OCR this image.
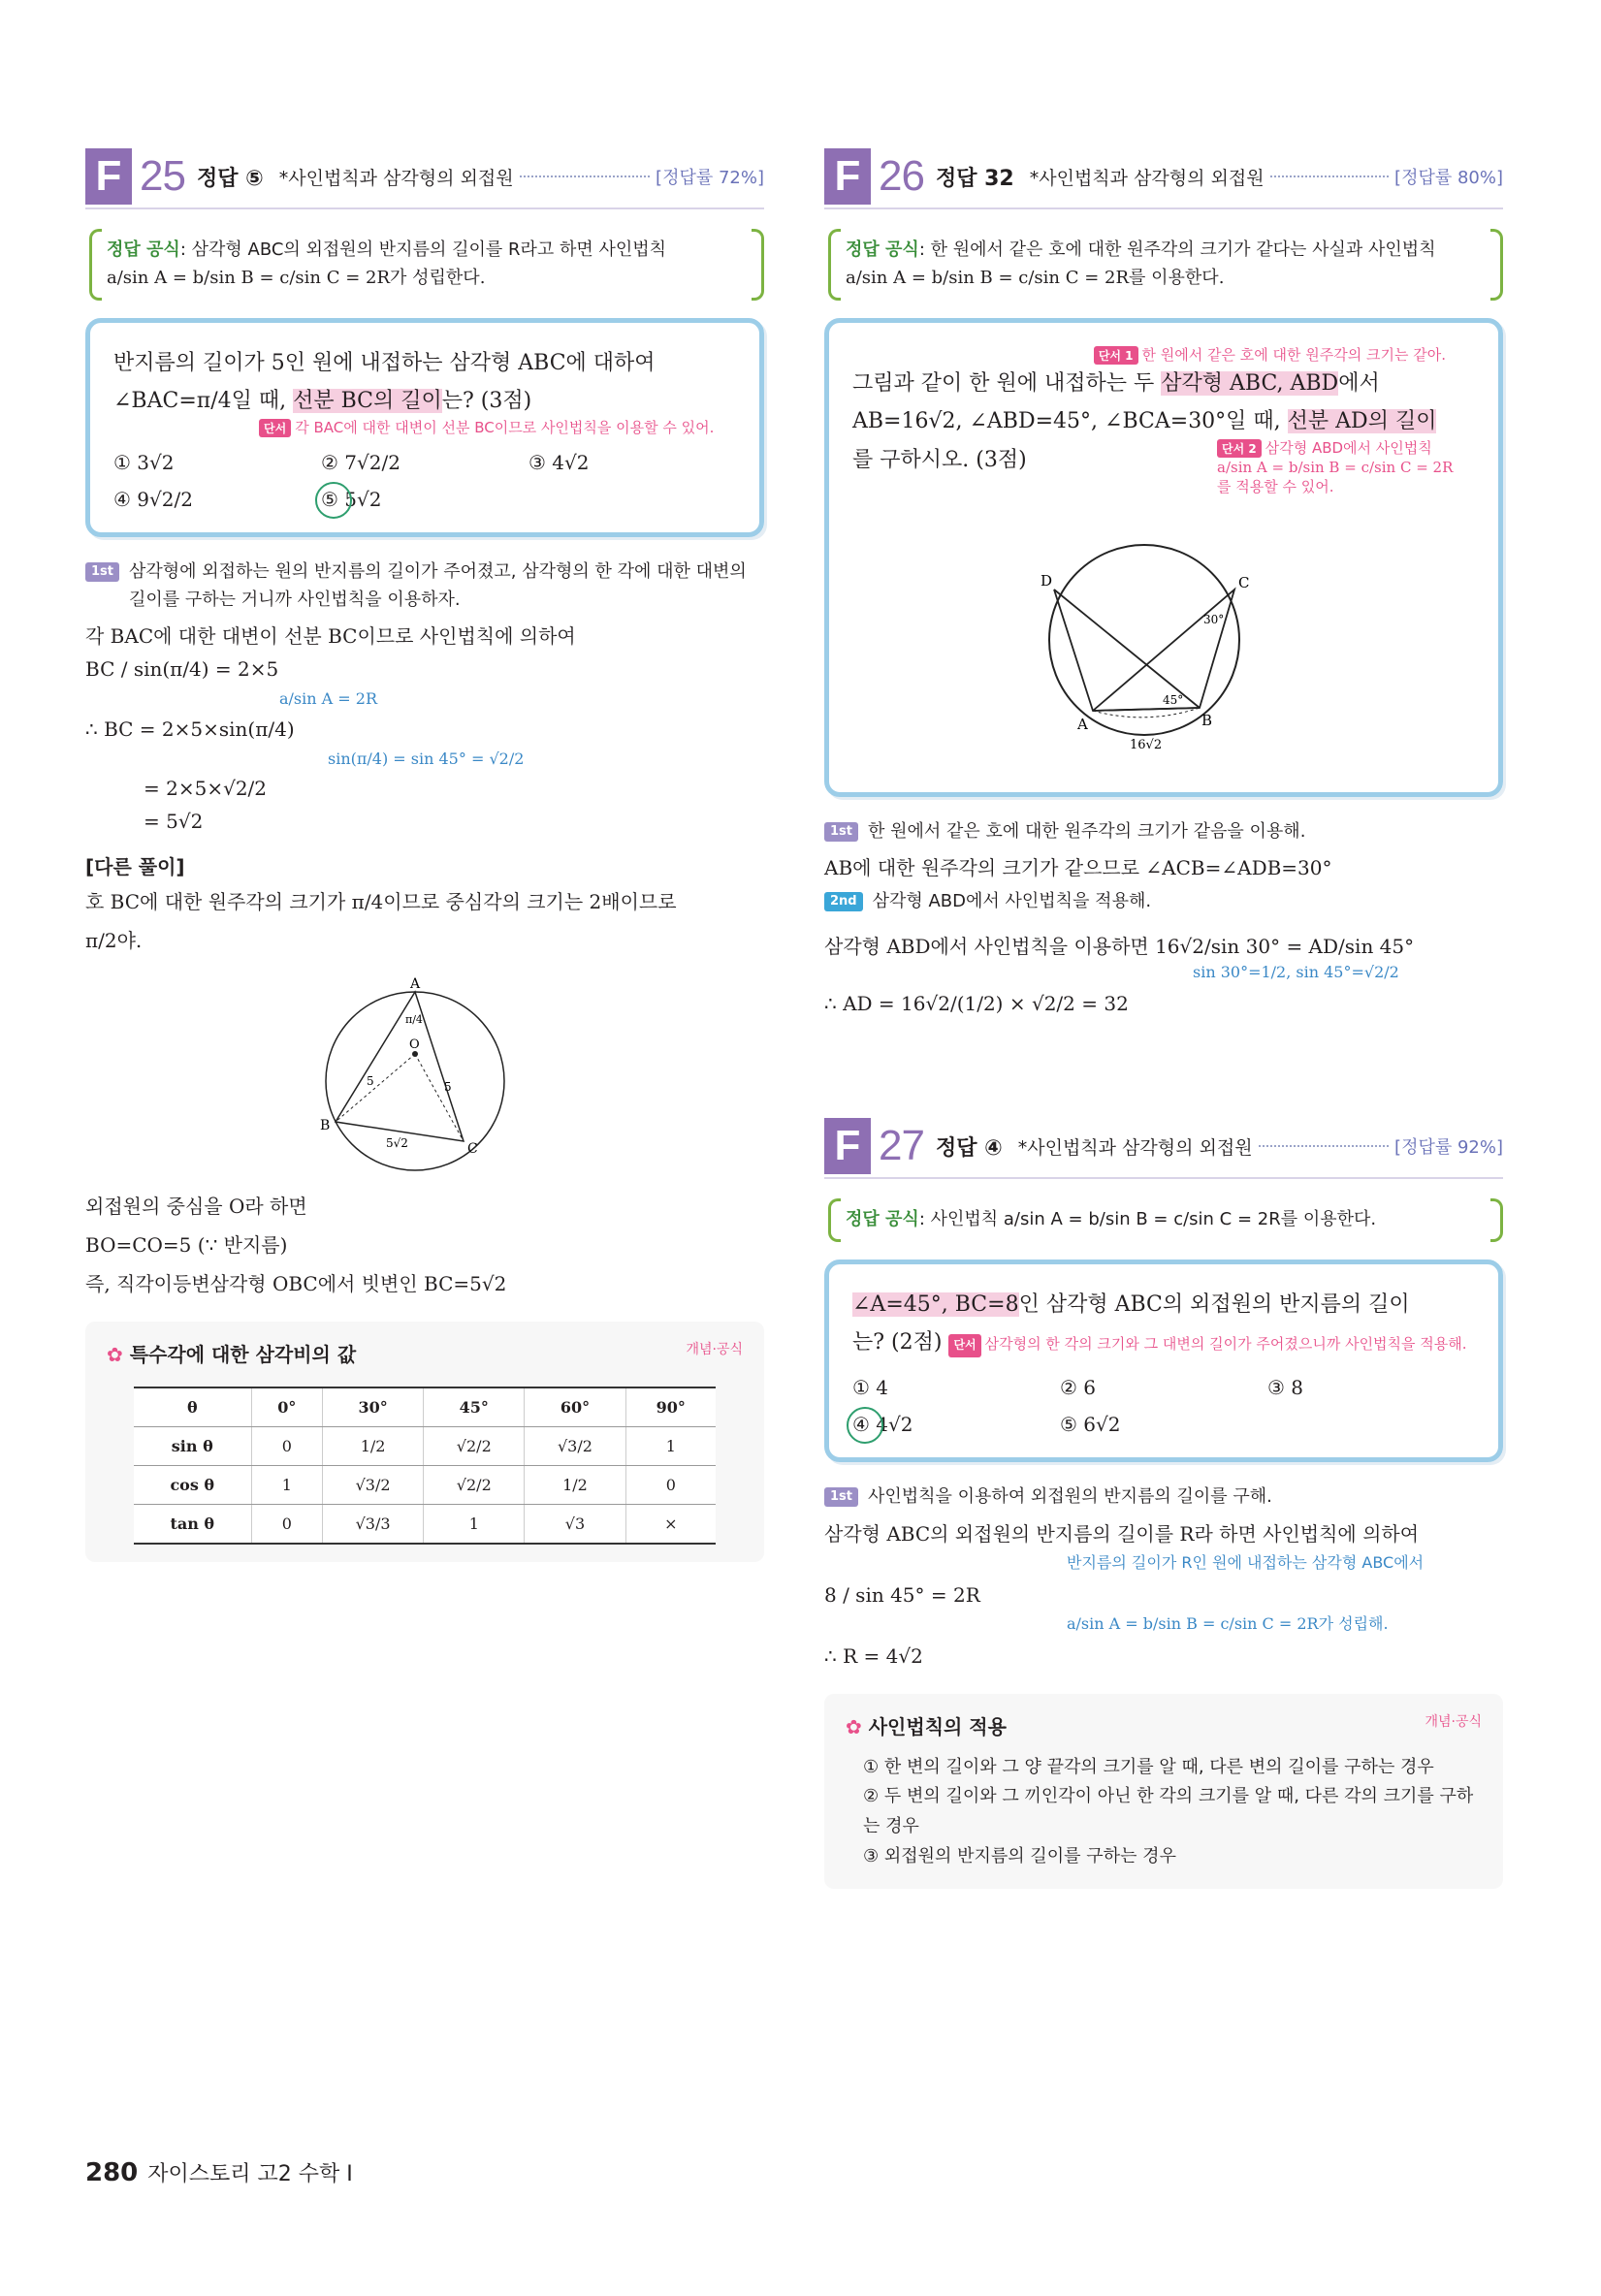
F 25 정답 ⑤ *사인법칙과 삼각형의 외접원	[정답률 72%]
정답 공식: 삼각형 ABC의 외접원의 반지름의 길이를 R라고 하면 사인법칙
a/sin A = b/sin B = c/sin C = 2R가 성립한다.
반지름의 길이가 5인 원에 내접하는 삼각형 ABC에 대하여
∠BAC=π/4일 때, 선분 BC의 길이는? (3점)
단서 각 BAC에 대한 대변이 선분 BC이므로 사인법칙을 이용할 수 있어.
① 3√2	② 7√2/2	③ 4√2
④ 9√2/2	⑤ 5√2
1st 삼각형에 외접하는 원의 반지름의 길이가 주어졌고, 삼각형의 한 각에 대한 대변의 길이를 구하는 거니까 사인법칙을 이용하자.
각 BAC에 대한 대변이 선분 BC이므로 사인법칙에 의하여
BC / sin(π/4) = 2×5
a/sin A = 2R
∴ BC = 2×5×sin(π/4)
sin(π/4) = sin 45° = √2/2
= 2×5×√2/2
= 5√2
[다른 풀이]
호 BC에 대한 원주각의 크기가 π/4이므로 중심각의 크기는 2배이므로
π/2야.
A
B
C
O
π/4
5	5
5√2
외접원의 중심을 O라 하면
BO=CO=5 (∵ 반지름)
즉, 직각이등변삼각형 OBC에서 빗변인 BC=5√2
✿ 특수각에 대한 삼각비의 값	개념·공식
θ	0°	30°	45°	60°	90°
sin θ	0	1/2	√2/2	√3/2	1
cos θ	1	√3/2	√2/2	1/2	0
tan θ	0	√3/3	1	√3	×
F 26 정답 32 *사인법칙과 삼각형의 외접원	[정답률 80%]
정답 공식: 한 원에서 같은 호에 대한 원주각의 크기가 같다는 사실과 사인법칙
a/sin A = b/sin B = c/sin C = 2R를 이용한다.
단서 1 한 원에서 같은 호에 대한 원주각의 크기는 같아.
그림과 같이 한 원에 내접하는 두 삼각형 ABC, ABD에서
AB=16√2, ∠ABD=45°, ∠BCA=30°일 때, 선분 AD의 길이
를 구하시오. (3점)	단서 2 삼각형 ABD에서 사인법칙
a/sin A = b/sin B = c/sin C = 2R
를 적용할 수 있어.
D	C
A	B
30°
45°
16√2
1st 한 원에서 같은 호에 대한 원주각의 크기가 같음을 이용해.
AB에 대한 원주각의 크기가 같으므로 ∠ACB=∠ADB=30°
2nd 삼각형 ABD에서 사인법칙을 적용해.
삼각형 ABD에서 사인법칙을 이용하면 16√2/sin 30° = AD/sin 45°
sin 30°=1/2, sin 45°=√2/2
∴ AD = 16√2/(1/2) × √2/2 = 32
F 27 정답 ④ *사인법칙과 삼각형의 외접원	[정답률 92%]
정답 공식: 사인법칙 a/sin A = b/sin B = c/sin C = 2R를 이용한다.
∠A=45°, BC=8인 삼각형 ABC의 외접원의 반지름의 길이
는? (2점) 단서 삼각형의 한 각의 크기와 그 대변의 길이가 주어졌으니까 사인법칙을 적용해.
① 4	② 6	③ 8
④ 4√2	⑤ 6√2
1st 사인법칙을 이용하여 외접원의 반지름의 길이를 구해.
삼각형 ABC의 외접원의 반지름의 길이를 R라 하면 사인법칙에 의하여
반지름의 길이가 R인 원에 내접하는 삼각형 ABC에서
8 / sin 45° = 2R
a/sin A = b/sin B = c/sin C = 2R가 성립해.
∴ R = 4√2
✿ 사인법칙의 적용	개념·공식
① 한 변의 길이와 그 양 끝각의 크기를 알 때, 다른 변의 길이를 구하는 경우
② 두 변의 길이와 그 끼인각이 아닌 한 각의 크기를 알 때, 다른 각의 크기를 구하는 경우
③ 외접원의 반지름의 길이를 구하는 경우
280 자이스토리 고2 수학 I
